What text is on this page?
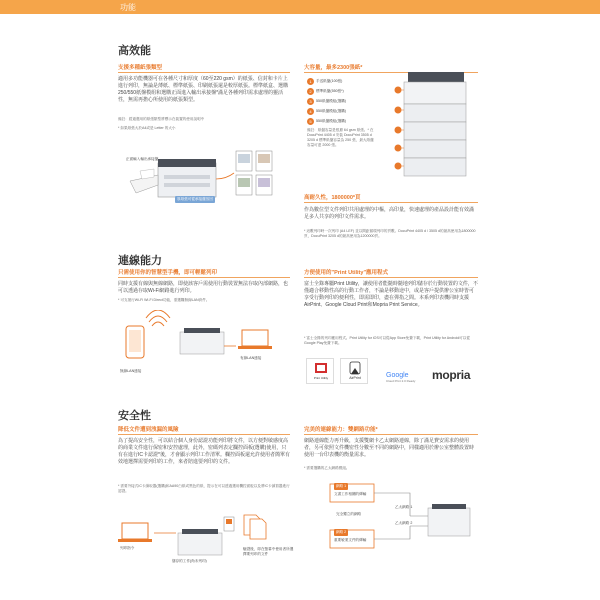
功能
高效能
支援多種紙張類型
適用多功能機器可在各種尺寸和厚度（60至220 gsm）的紙張、信封和卡片上進行列印，無論是薄紙、標準紙張、印刷紙張還是較厚紙張。標準紙盒、選購250/550紙盤模組和選購正面進入輸出承接盤*滿足各種列印需求處理的靈活性，無需再擔心所使用的紙張類型。
備註：經過選用的紙張類型將標示在裝置的使用說明中
* 如果紙張大於A4或是 Letter 的大小
正面輸入輸出承接盤
厚紙張可從承接盤放回
大容量，最多2300張紙*
1	手送紙盤(100張)
2	標準紙盤(550張*)
3	550紙盤模組(選購)
4	550紙盤模組(選購)
5	550紙盤模組(選購)
備註：紙盤容量是根據 64 gsm 紙張。* 在 DocuPrint 4405 d 安裝 DocuPrint 3505 d 3205 d 標準紙盤容量為 250 張，最大紙盤容量可達 2000 張。
高耐久性，1800000*頁
作為數位型文件列印共用處理的中樞，高印量，快速處理的產品設計能有效滿足多人共享的列印文件需求。
* 這數列印時一次列印 (A4 LEF) 並以間距循環列印的頁數。DocuPrint 4405 d / 3505 d的最高使用為1800000頁，DocuPrint 3205 d的最高使用為1200000頁。
連線能力
只需使用你的智慧型手機，即可輕鬆列印
同時支援有線與無線網路，即使該客戶需使用行動裝置無法存取內部網路，也可以透過存取Wi-Fi網路進行列印。
* 可支援行Wi-Fi Wi-Fi Direct功能，需選購無線LAN套件。
無線LAN連接
有線LAN連接
方便使用的"Print Utility"應用程式
富士全錄專屬Print Utility，讓使用者能隨時隨地列印儲存於行動裝置的文件，不僅適合移動性高的行動工作者，不論是移動途中，或是客戶提供辦公室時皆可享受行動列印的便利性，即需即印，盡在彈指之間。本系列印表機同時支援AirPrint、Google Cloud Print和Mopria Print Service。
* 富士全錄的列印應用程式。Print Utility for iOS可以從App Store免費下載，Print Utility for Android可以從Google Play免費下載。
Print Utility	AirPrint	Google
Cloud Print 2.0 Ready	mopria
安全性
降低文件遭到洩漏的風險
為了提高安全性，可以結合個人身份認證功能列印將文件，以方便對敏感度高的商業文件進行保密和安控處理，此外，密碼列表定攔控面板(選購)使用，只有在進行IC卡認證*後，才會顯示列印工作清單。欄控面板還允許使用者簡單有效地選擇需要列印的工作，來者陪進要列印的文件。
* 需要外接式IC卡讀取器(選購)和AA90白紙或黑色的紙，提示在可以透過選用欄控面板以及將IC卡讀寫器進行認證。
列印指令	驗證後，即在螢幕中使用者所選擇要列印的文件
儲存的工作(尚未列印)
完美的連線能力：雙網路功能*
網路連線能力再升級，支援雙網卡乙太網路連線，除了滿足費安需求的使用者，另可依照文件機密性分數至不同的網路中，同樣適用於辦公室整體設置時使用一台印表機的衡量需求。
* 需要選購的乙太網路模組。
網路 1
文書工作相關的傳輸
乙太網路 1
完全獨立的網路
乙太網路 2
網路 2
重要敏業文件的傳輸
